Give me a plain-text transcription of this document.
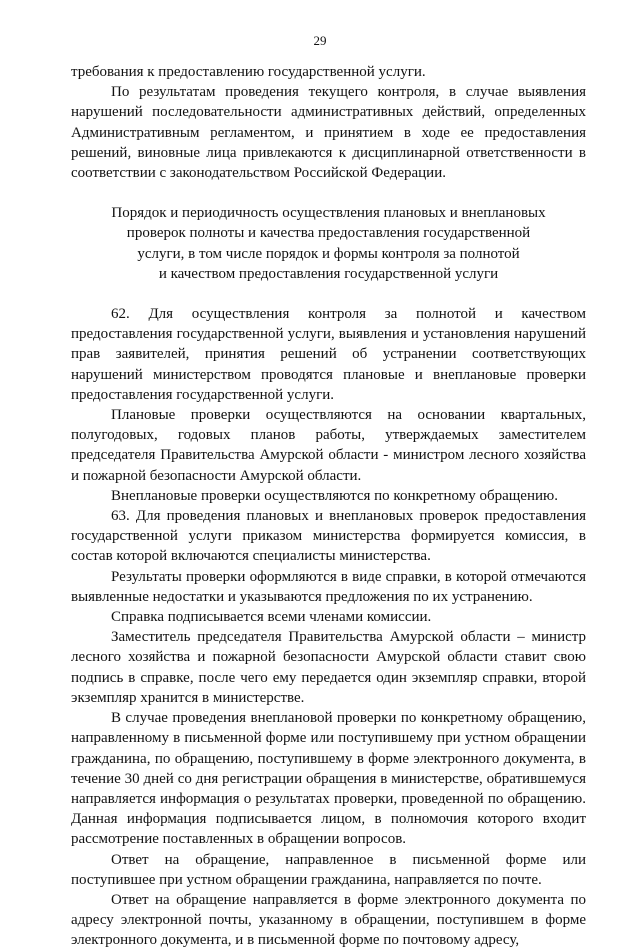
29

требования к предоставлению государственной услуги.

По результатам проведения текущего контроля, в случае выявления нарушений последовательности административных действий, определенных Административным регламентом, и принятием в ходе ее предоставления решений, виновные лица привлекаются к дисциплинарной ответственности в соответствии с законодательством Российской Федерации.

Порядок и периодичность осуществления плановых и внеплановых
проверок полноты и качества предоставления государственной
услуги, в том числе порядок и формы контроля за полнотой
и качеством предоставления государственной услуги

62. Для осуществления контроля за полнотой и качеством предоставления государственной услуги, выявления и установления нарушений прав заявителей, принятия решений об устранении соответствующих нарушений министерством проводятся плановые и внеплановые проверки предоставления государственной услуги.

Плановые проверки осуществляются на основании квартальных, полугодовых, годовых планов работы, утверждаемых заместителем председателя Правительства Амурской области - министром лесного хозяйства и пожарной безопасности Амурской области.

Внеплановые проверки осуществляются по конкретному обращению.

63. Для проведения плановых и внеплановых проверок предоставления государственной услуги приказом министерства формируется комиссия, в состав которой включаются специалисты министерства.

Результаты проверки оформляются в виде справки, в которой отмечаются выявленные недостатки и указываются предложения по их устранению.

Справка подписывается всеми членами комиссии.

Заместитель председателя Правительства Амурской области – министр лесного хозяйства и пожарной безопасности Амурской области ставит свою подпись в справке, после чего ему передается один экземпляр справки, второй экземпляр хранится в министерстве.

В случае проведения внеплановой проверки по конкретному обращению, направленному в письменной форме или поступившему при устном обращении гражданина, по обращению, поступившему в форме электронного документа, в течение 30 дней со дня регистрации обращения в министерстве, обратившемуся направляется информация о результатах проверки, проведенной по обращению. Данная информация подписывается лицом, в полномочия которого входит рассмотрение поставленных в обращении вопросов.

Ответ на обращение, направленное в письменной форме или поступившее при устном обращении гражданина, направляется по почте.

Ответ на обращение направляется в форме электронного документа по адресу электронной почты, указанному в обращении, поступившем в форме электронного документа, и в письменной форме по почтовому адресу,
